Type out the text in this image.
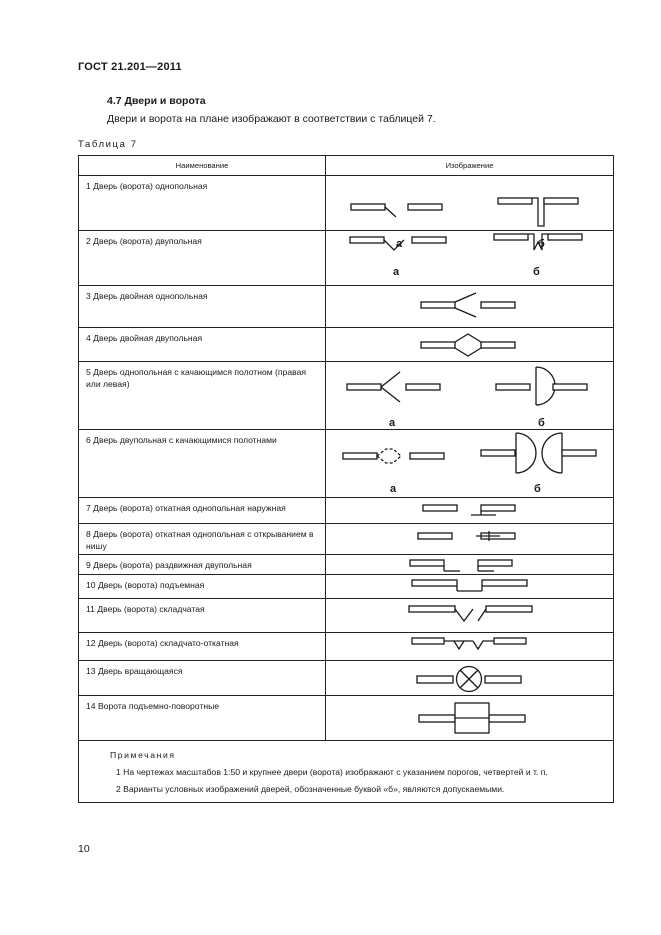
ГОСТ 21.201—2011
4.7 Двери и ворота
Двери и ворота на плане изображают в соответствии с таблицей 7.
Таблица 7
Наименование	Изображение
1 Дверь (ворота) однопольная	а б

2 Дверь (ворота) двупольная	а б

3 Дверь двойная однопольная	

4 Дверь двойная двупольная	

5 Дверь однопольная с качающимся полотном (правая или левая)	а б

6 Дверь двупольная с качающимися полотнами	а б

7 Дверь (ворота) откатная однопольная наружная	

8 Дверь (ворота) откатная однопольная с открыванием в нишу	

9 Дверь (ворота) раздвижная двупольная	

10 Дверь (ворота) подъемная	

11 Дверь (ворота) складчатая	

12 Дверь (ворота) складчато-откатная	

13 Дверь вращающаяся	

14 Ворота подъемно-поворотные	

Примечания
1 На чертежах масштабов 1:50 и крупнее двери (ворота) изображают с указанием порогов, четвертей и т. п.
2 Варианты условных изображений дверей, обозначенные буквой «б», являются допускаемыми.	
10
